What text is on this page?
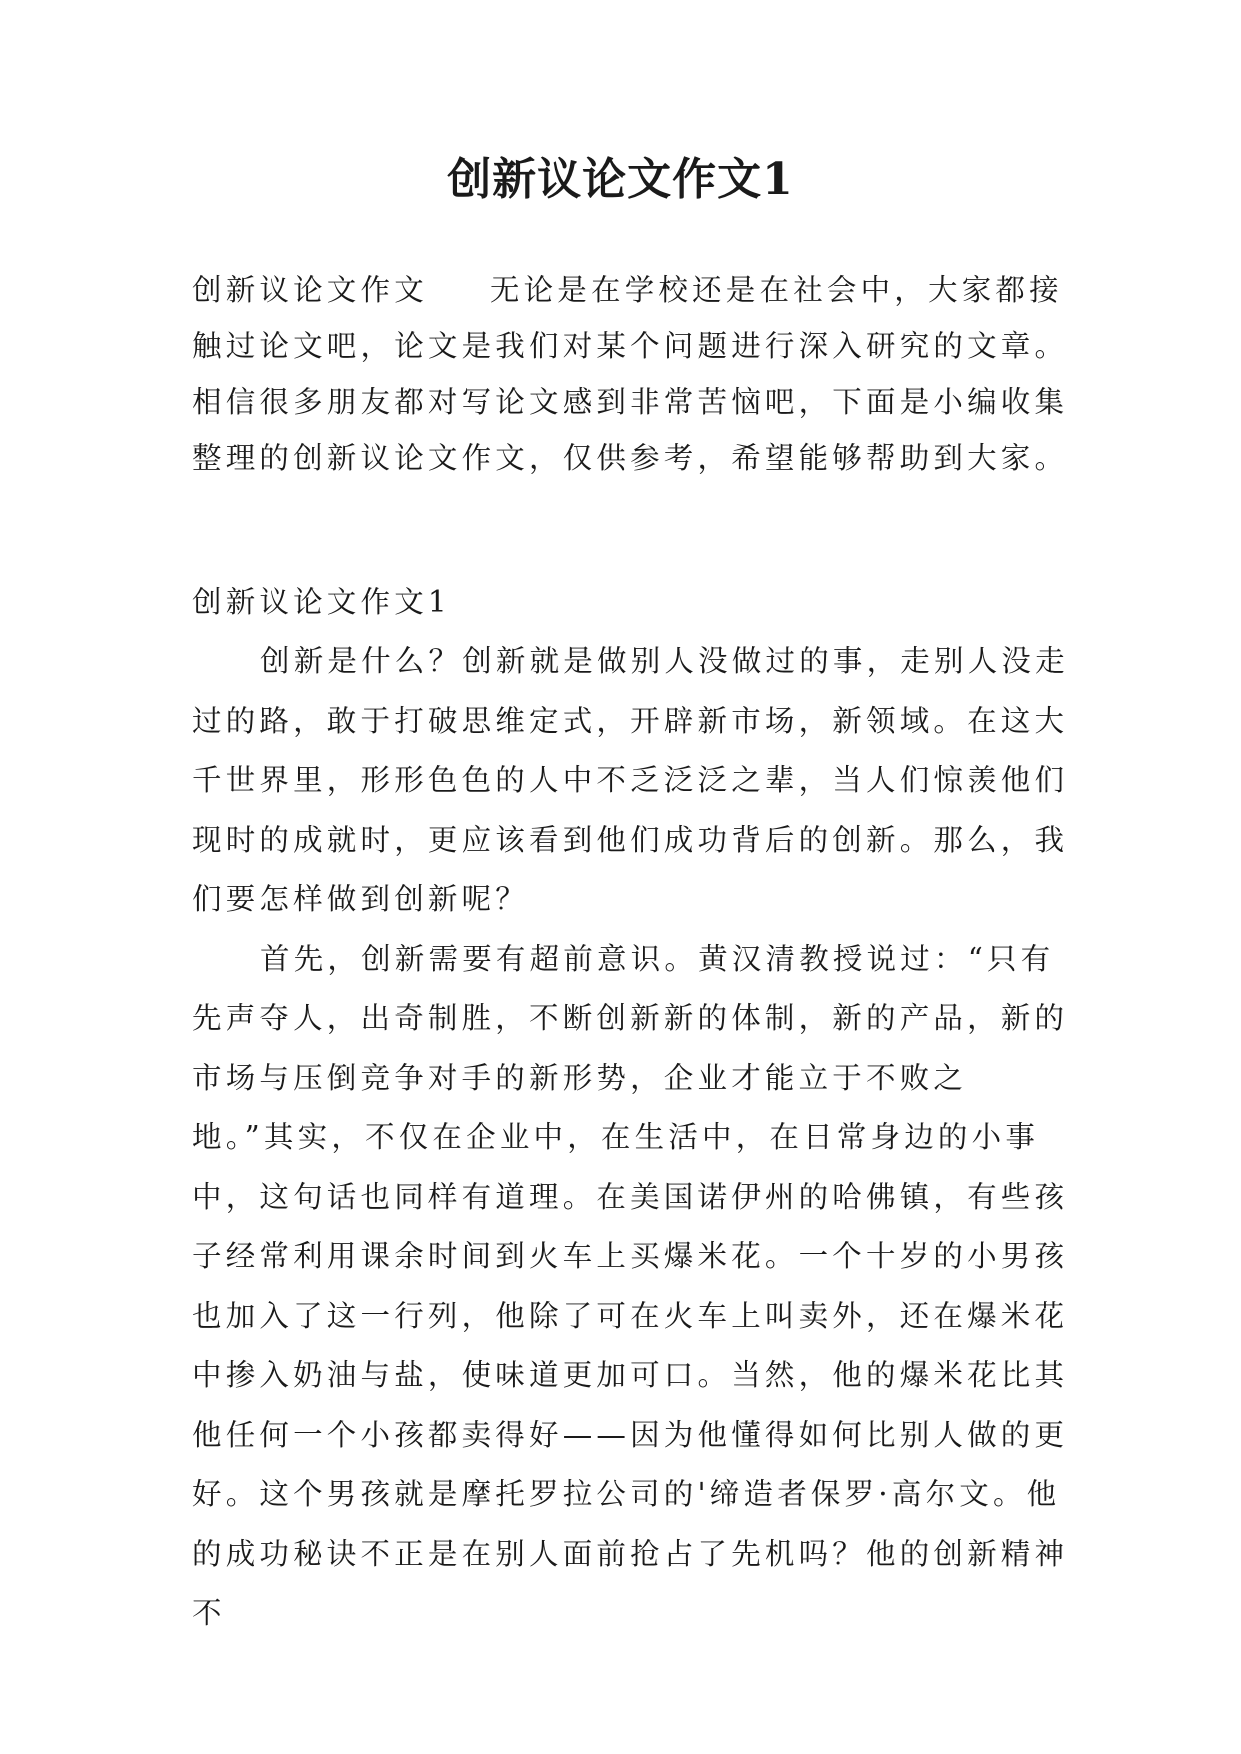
创新议论文作文1

创新议论文作文 无论是在学校还是在社会中，大家都接触过论文吧，论文是我们对某个问题进行深入研究的文章。相信很多朋友都对写论文感到非常苦恼吧，下面是小编收集整理的创新议论文作文，仅供参考，希望能够帮助到大家。

创新议论文作文1

创新是什么？创新就是做别人没做过的事，走别人没走过的路，敢于打破思维定式，开辟新市场，新领域。在这大千世界里，形形色色的人中不乏泛泛之辈，当人们惊羡他们现时的成就时，更应该看到他们成功背后的创新。那么，我们要怎样做到创新呢？

首先，创新需要有超前意识。黄汉清教授说过：“只有先声夺人，出奇制胜，不断创新新的体制，新的产品，新的市场与压倒竞争对手的新形势，企业才能立于不败之地。”其实，不仅在企业中，在生活中，在日常身边的小事中，这句话也同样有道理。在美国诺伊州的哈佛镇，有些孩子经常利用课余时间到火车上买爆米花。一个十岁的小男孩也加入了这一行列，他除了可在火车上叫卖外，还在爆米花中掺入奶油与盐，使味道更加可口。当然，他的爆米花比其他任何一个小孩都卖得好——因为他懂得如何比别人做的更好。这个男孩就是摩托罗拉公司的'缔造者保罗·高尔文。他的成功秘诀不正是在别人面前抢占了先机吗？他的创新精神不
